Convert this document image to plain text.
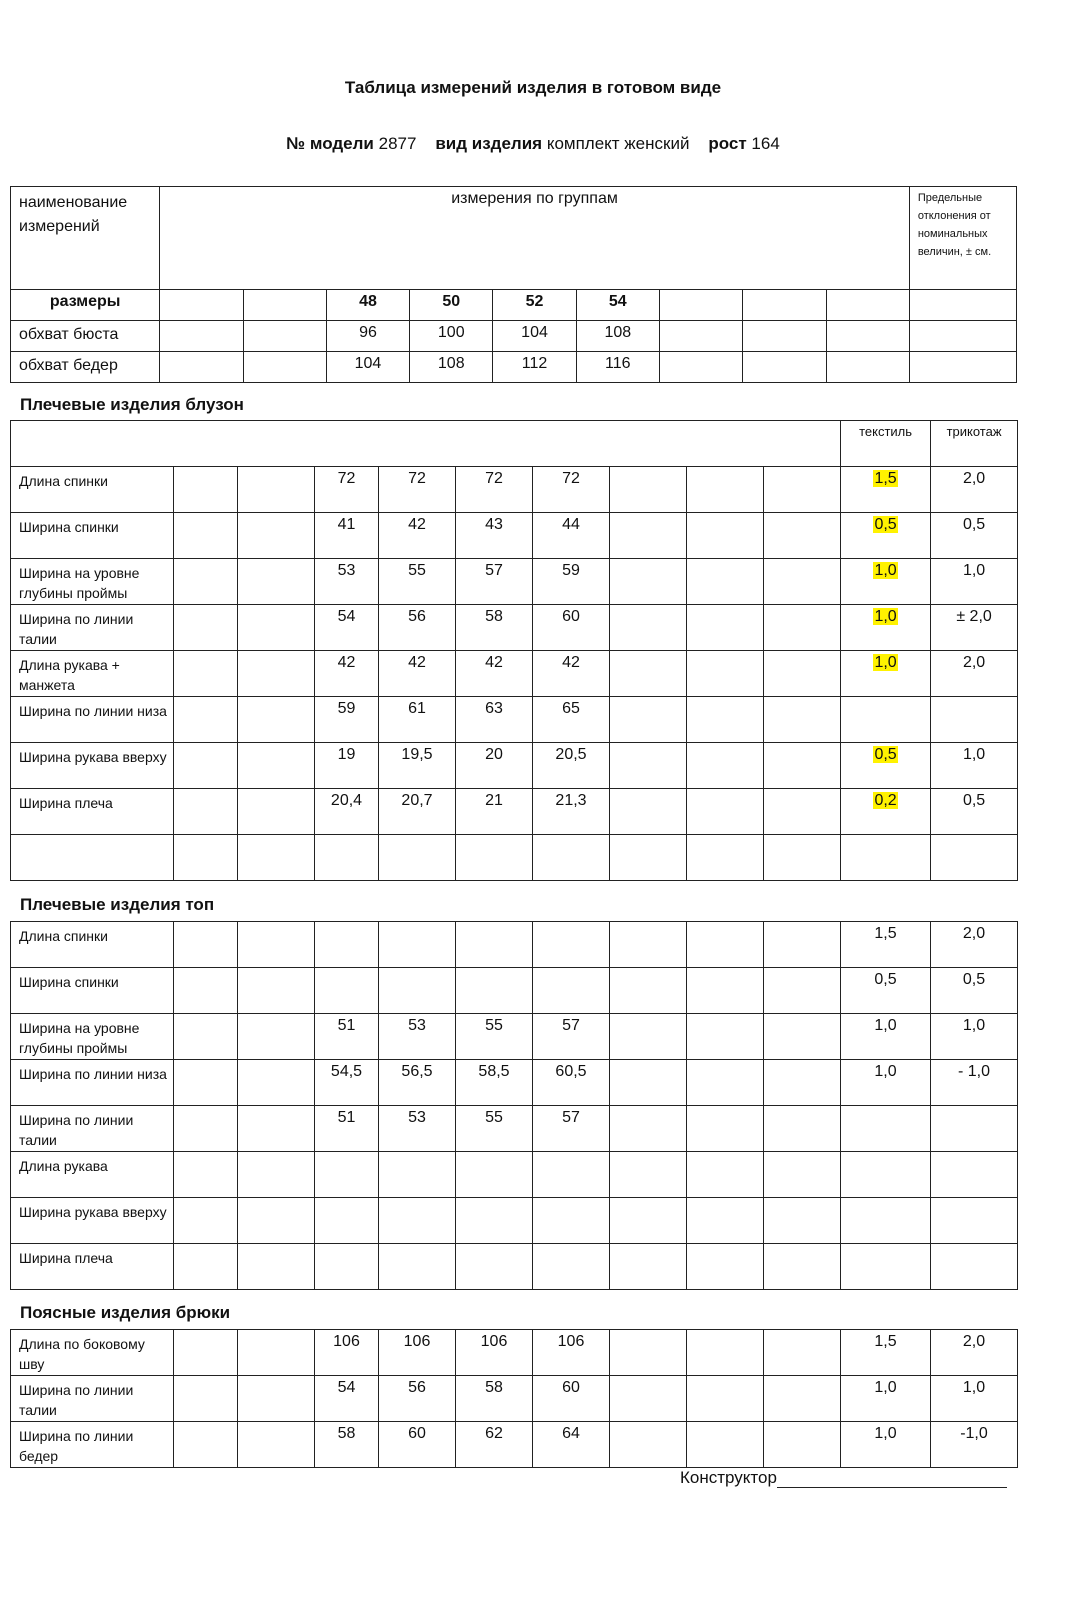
Таблица измерений изделия в готовом виде
№ модели 2877 вид изделия комплект женский рост 164
наименование измерений	измерения по группам									Предельные отклонения от номинальных величин, ± см.
размеры			48	50	52	54				
обхват бюста			96	100	104	108				
обхват бедер			104	108	112	116				
Плечевые изделия блузон
										текстиль	трикотаж
Длина спинки			72	72	72	72				1,5	2,0
Ширина спинки			41	42	43	44				0,5	0,5
Ширина на уровне глубины проймы			53	55	57	59				1,0	1,0
Ширина по линии талии			54	56	58	60				1,0	± 2,0
Длина рукава + манжета			42	42	42	42				1,0	2,0
Ширина по линии низа			59	61	63	65					
Ширина рукава вверху			19	19,5	20	20,5				0,5	1,0
Ширина плеча			20,4	20,7	21	21,3				0,2	0,5

Плечевые изделия топ
Длина спинки										1,5	2,0
Ширина спинки										0,5	0,5
Ширина на уровне глубины проймы			51	53	55	57				1,0	1,0
Ширина по линии низа			54,5	56,5	58,5	60,5				1,0	- 1,0
Ширина по линии талии			51	53	55	57					
Длина рукава											
Ширина рукава вверху											
Ширина плеча											
Поясные изделия брюки
Длина по боковому шву			106	106	106	106				1,5	2,0
Ширина по линии талии			54	56	58	60				1,0	1,0
Ширина по линии бедер			58	60	62	64				1,0	-1,0
Конструктор
